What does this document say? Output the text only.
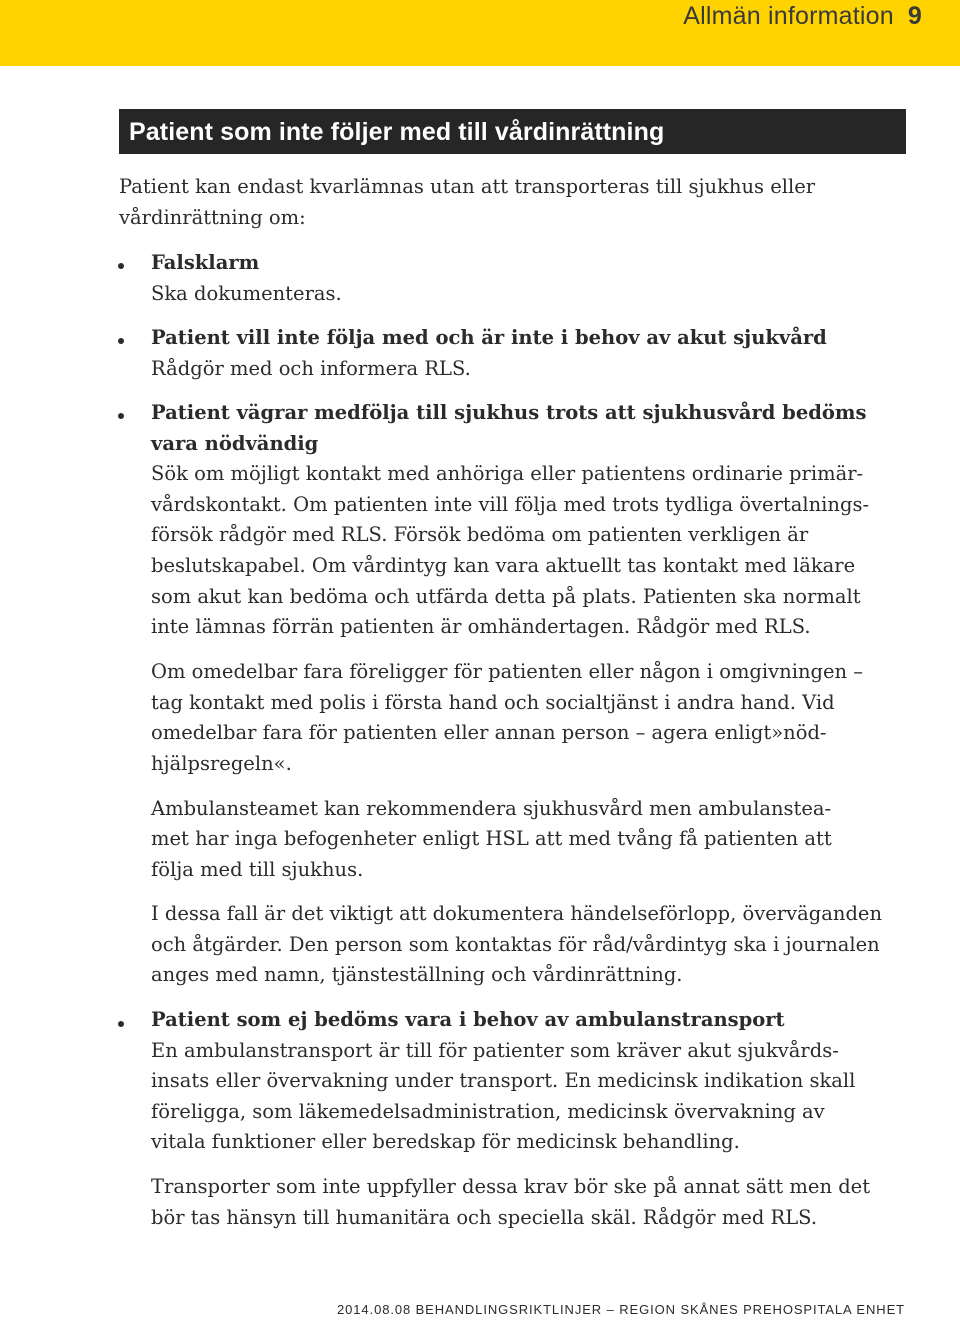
Allmän information 9
Patient som inte följer med till vårdinrättning

Patient kan endast kvarlämnas utan att transporteras till sjukhus eller

vårdinrättning om:

Falsklarm

Ska dokumenteras.

Patient vill inte följa med och är inte i behov av akut sjukvård

Rådgör med och informera RLS.

Patient vägrar medfölja till sjukhus trots att sjukhusvård bedöms

vara nödvändig

Sök om möjligt kontakt med anhöriga eller patientens ordinarie primär-

vårdskontakt. Om patienten inte vill följa med trots tydliga övertalnings-

försök rådgör med RLS. Försök bedöma om patienten verkligen är

beslutskapabel. Om vårdintyg kan vara aktuellt tas kontakt med läkare

som akut kan bedöma och utfärda detta på plats. Patienten ska normalt

inte lämnas förrän patienten är omhändertagen. Rådgör med RLS.

Om omedelbar fara föreligger för patienten eller någon i omgivningen –

tag kontakt med polis i första hand och socialtjänst i andra hand. Vid

omedelbar fara för patienten eller annan person – agera enligt»nöd-

hjälpsregeln«.

Ambulansteamet kan rekommendera sjukhusvård men ambulanstea-

met har inga befogenheter enligt HSL att med tvång få patienten att

följa med till sjukhus.

I dessa fall är det viktigt att dokumentera händelseförlopp, överväganden

och åtgärder. Den person som kontaktas för råd/vårdintyg ska i journalen

anges med namn, tjänsteställning och vårdinrättning.

Patient som ej bedöms vara i behov av ambulanstransport

En ambulanstransport är till för patienter som kräver akut sjukvårds-

insats eller övervakning under transport. En medicinsk indikation skall

föreligga, som läkemedelsadministration, medicinsk övervakning av

vitala funktioner eller beredskap för medicinsk behandling.

Transporter som inte uppfyller dessa krav bör ske på annat sätt men det

bör tas hänsyn till humanitära och speciella skäl. Rådgör med RLS.

2014.08.08 BEHANDLINGSRIKTLINJER – REGION SKÅNES PREHOSPITALA ENHET
